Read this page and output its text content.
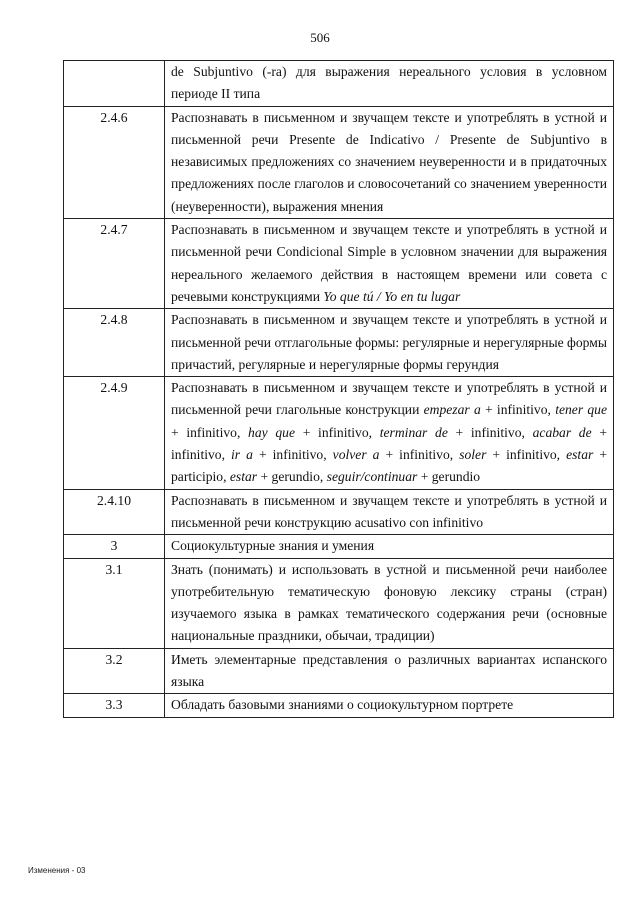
506
	de Subjuntivo (-ra) для выражения нереального условия в условном периоде II типа
2.4.6	Распознавать в письменном и звучащем тексте и употреблять в устной и письменной речи Presente de Indicativo / Presente de Subjuntivo в независимых предложениях со значением неуверенности и в придаточных предложениях после глаголов и словосочетаний со значением уверенности (неуверенности), выражения мнения
2.4.7	Распознавать в письменном и звучащем тексте и употреблять в устной и письменной речи Condicional Simple в условном значении для выражения нереального желаемого действия в настоящем времени или совета с речевыми конструкциями Yo que tú / Yo en tu lugar
2.4.8	Распознавать в письменном и звучащем тексте и употреблять в устной и письменной речи отглагольные формы: регулярные и нерегулярные формы причастий, регулярные и нерегулярные формы герундия
2.4.9	Распознавать в письменном и звучащем тексте и употреблять в устной и письменной речи глагольные конструкции empezar a + infinitivo, tener que + infinitivo, hay que + infinitivo, terminar de + infinitivo, acabar de + infinitivo, ir a + infinitivo, volver a + infinitivo, soler + infinitivo, estar + participio, estar + gerundio, seguir/continuar + gerundio
2.4.10	Распознавать в письменном и звучащем тексте и употреблять в устной и письменной речи конструкцию acusativo con infinitivo
3	Социокультурные знания и умения
3.1	Знать (понимать) и использовать в устной и письменной речи наиболее употребительную тематическую фоновую лексику страны (стран) изучаемого языка в рамках тематического содержания речи (основные национальные праздники, обычаи, традиции)
3.2	Иметь элементарные представления о различных вариантах испанского языка
3.3	Обладать базовыми знаниями о социокультурном портрете
Изменения - 03
